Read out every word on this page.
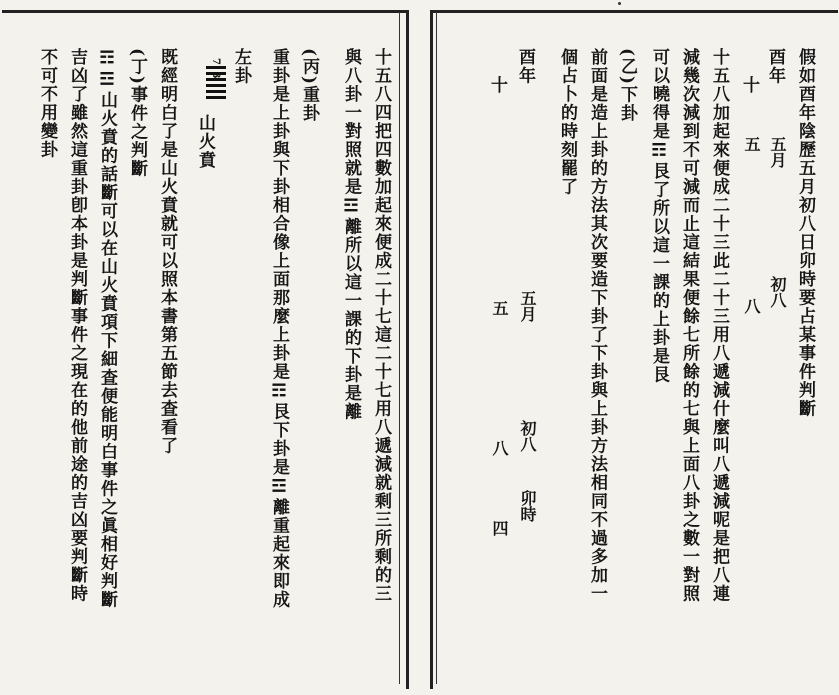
假如酉年陰歷五月初八日卯時要占某事件判斷
酉年
五月
初八
十
五
八
十五八加起來便成二十三此二十三用八遞減什麼叫八遞減呢是把八連
減幾次減到不可減而止這結果便餘七所餘的七與上面八卦之數一對照
可以曉得是☶艮了所以這一課的上卦是艮
(乙)下卦
前面是造上卦的方法其次要造下卦了下卦與上卦方法相同不過多加一
個占卜的時刻罷了
酉年
五月
初八
卯時
十
五
八
四
十五八四把四數加起來便成二十七這二十七用八遞減就剩三所剩的三
與八卦一對照就是☲離所以這一課的下卦是離
(丙)重卦
重卦是上卦與下卦相合像上面那麼上卦是☶艮下卦是☲離重起來即成
左卦
7 3
山火賁
既經明白了是山火賁就可以照本書第五節去查看了
(丁)事件之判斷
☶☲山火賁的話斷可以在山火賁項下細查便能明白事件之眞相好判斷
吉凶了雖然這重卦卽本卦是判斷事件之現在的他前途的吉凶要判斷時
不可不用變卦
